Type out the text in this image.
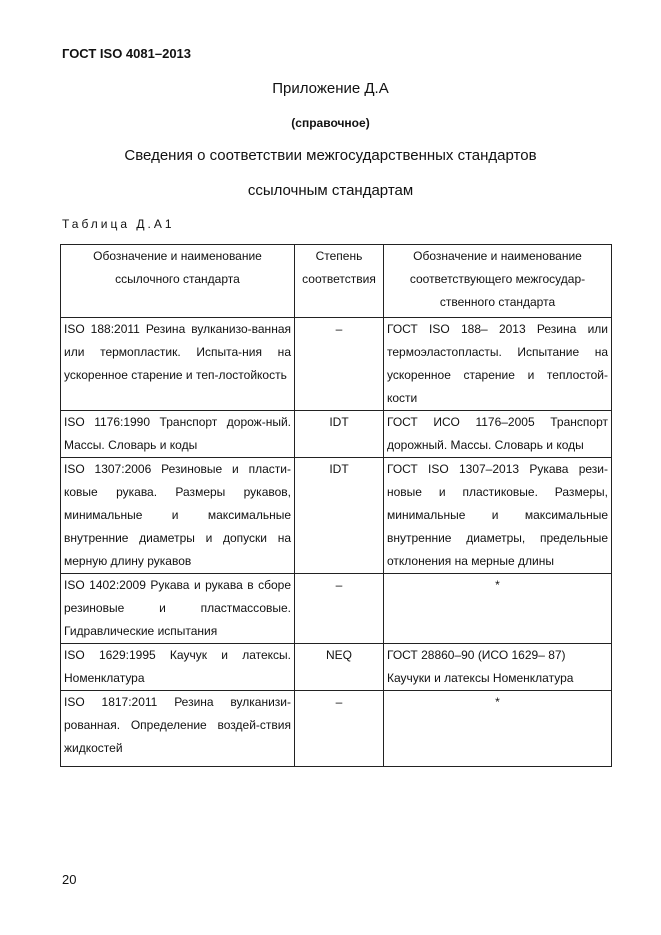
ГОСТ ISO 4081–2013
Приложение Д.А
(справочное)
Сведения о соответствии межгосударственных стандартов
ссылочным стандартам
Таблица Д.А1
Обозначение и наименование ссылочного стандарта	Степень соответствия	Обозначение и наименование соответствующего межгосудар-ственного стандарта
ISO 188:2011 Резина вулканизо-ванная или термопластик. Испыта-ния на ускоренное старение и теп-лостойкость	–	ГОСТ ISO 188– 2013 Резина или термоэластопласты. Испытание на ускоренное старение и теплостой-кости
ISO 1176:1990 Транспорт дорож-ный. Массы. Словарь и коды	IDT	ГОСТ ИСО 1176–2005 Транспорт дорожный. Массы. Словарь и коды
ISO 1307:2006 Резиновые и пласти-ковые рукава. Размеры рукавов, минимальные и максимальные внутренние диаметры и допуски на мерную длину рукавов	IDT	ГОСТ ISO 1307–2013 Рукава рези-новые и пластиковые. Размеры, минимальные и максимальные внутренние диаметры, предельные отклонения на мерные длины
ISO 1402:2009 Рукава и рукава в сборе резиновые и пластмассовые. Гидравлические испытания	–	*
ISO 1629:1995 Каучук и латексы. Номенклатура	NEQ	ГОСТ 28860–90 (ИСО 1629– 87) Каучуки и латексы Номенклатура
ISO 1817:2011 Резина вулканизи-рованная. Определение воздей-ствия жидкостей	–	*
20
